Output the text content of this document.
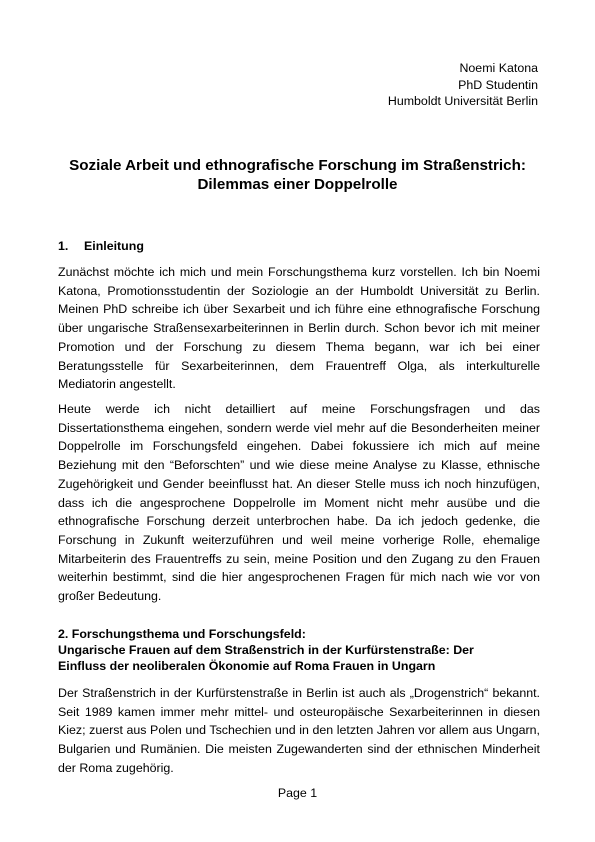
Noemi Katona
PhD Studentin
Humboldt Universität Berlin
Soziale Arbeit und ethnografische Forschung im Straßenstrich:
Dilemmas einer Doppelrolle
1. Einleitung

Zunächst möchte ich mich und mein Forschungsthema kurz vorstellen. Ich bin Noemi Katona, Promotionsstudentin der Soziologie an der Humboldt Universität zu Berlin. Meinen PhD schreibe ich über Sexarbeit und ich führe eine ethnografische Forschung über ungarische Straßensexarbeiterinnen in Berlin durch. Schon bevor ich mit meiner Promotion und der Forschung zu diesem Thema begann, war ich bei einer Beratungsstelle für Sexarbeiterinnen, dem Frauentreff Olga, als interkulturelle Mediatorin angestellt.

Heute werde ich nicht detailliert auf meine Forschungsfragen und das Dissertationsthema eingehen, sondern werde viel mehr auf die Besonderheiten meiner Doppelrolle im Forschungsfeld eingehen. Dabei fokussiere ich mich auf meine Beziehung mit den “Beforschten” und wie diese meine Analyse zu Klasse, ethnische Zugehörigkeit und Gender beeinflusst hat. An dieser Stelle muss ich noch hinzufügen, dass ich die angesprochene Doppelrolle im Moment nicht mehr ausübe und die ethnografische Forschung derzeit unterbrochen habe. Da ich jedoch gedenke, die Forschung in Zukunft weiterzuführen und weil meine vorherige Rolle, ehemalige Mitarbeiterin des Frauentreffs zu sein, meine Position und den Zugang zu den Frauen weiterhin bestimmt, sind die hier angesprochenen Fragen für mich nach wie vor von großer Bedeutung.

2. Forschungsthema und Forschungsfeld:
Ungarische Frauen auf dem Straßenstrich in der Kurfürstenstraße: Der
Einfluss der neoliberalen Ökonomie auf Roma Frauen in Ungarn

Der Straßenstrich in der Kurfürstenstraße in Berlin ist auch als „Drogenstrich“ bekannt. Seit 1989 kamen immer mehr mittel- und osteuropäische Sexarbeiterinnen in diesen Kiez; zuerst aus Polen und Tschechien und in den letzten Jahren vor allem aus Ungarn, Bulgarien und Rumänien. Die meisten Zugewanderten sind der ethnischen Minderheit der Roma zugehörig.

Page 1
